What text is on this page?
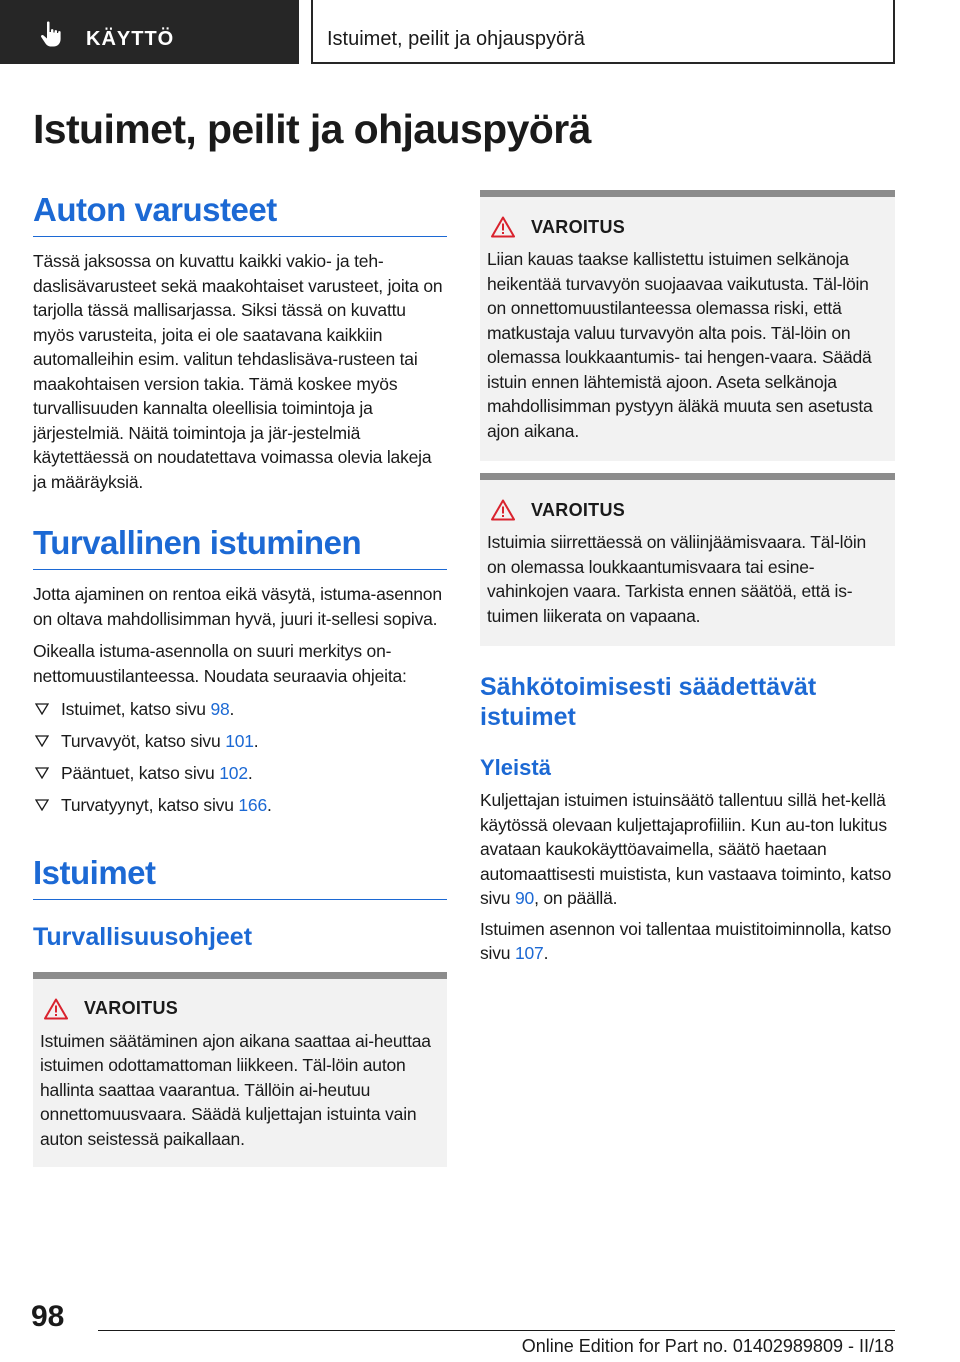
KÄYTTÖ	Istuimet, peilit ja ohjauspyörä
Istuimet, peilit ja ohjauspyörä
Auton varusteet

Tässä jaksossa on kuvattu kaikki vakio- ja teh-daslisävarusteet sekä maakohtaiset varusteet, joita on tarjolla tässä mallisarjassa. Siksi tässä on kuvattu myös varusteita, joita ei ole saatavana kaikkiin automalleihin esim. valitun tehdaslisäva-rusteen tai maakohtaisen version takia. Tämä koskee myös turvallisuuden kannalta oleellisia toimintoja ja järjestelmiä. Näitä toimintoja ja jär-jestelmiä käytettäessä on noudatettava voimassa olevia lakeja ja määräyksiä.

Turvallinen istuminen

Jotta ajaminen on rentoa eikä väsytä, istuma-asennon on oltava mahdollisimman hyvä, juuri it-sellesi sopiva.

Oikealla istuma-asennolla on suuri merkitys on-nettomuustilanteessa. Noudata seuraavia ohjeita:

Istuimet, katso sivu 98.
Turvavyöt, katso sivu 101.
Pääntuet, katso sivu 102.
Turvatyynyt, katso sivu 166.
Istuimet
Turvallisuusohjeet
VAROITUS

Istuimen säätäminen ajon aikana saattaa ai-heuttaa istuimen odottamattoman liikkeen. Täl-löin auton hallinta saattaa vaarantua. Tällöin ai-heutuu onnettomuusvaara. Säädä kuljettajan istuinta vain auton seistessä paikallaan.

VAROITUS

Liian kauas taakse kallistettu istuimen selkänoja heikentää turvavyön suojaavaa vaikutusta. Täl-löin on onnettomuustilanteessa olemassa riski, että matkustaja valuu turvavyön alta pois. Täl-löin on olemassa loukkaantumis- tai hengen-vaara. Säädä istuin ennen lähtemistä ajoon. Aseta selkänoja mahdollisimman pystyyn äläkä muuta sen asetusta ajon aikana.

VAROITUS

Istuimia siirrettäessä on väliinjäämisvaara. Täl-löin on olemassa loukkaantumisvaara tai esine-vahinkojen vaara. Tarkista ennen säätöä, että is-tuimen liikerata on vapaana.

Sähkötoimisesti säädettävät istuimet
Yleistä

Kuljettajan istuimen istuinsäätö tallentuu sillä het-kellä käytössä olevaan kuljettajaprofiiliin. Kun au-ton lukitus avataan kaukokäyttöavaimella, säätö haetaan automaattisesti muistista, kun vastaava toiminto, katso sivu 90, on päällä.

Istuimen asennon voi tallentaa muistitoiminnolla, katso sivu 107.

98
Online Edition for Part no. 01402989809 - II/18
